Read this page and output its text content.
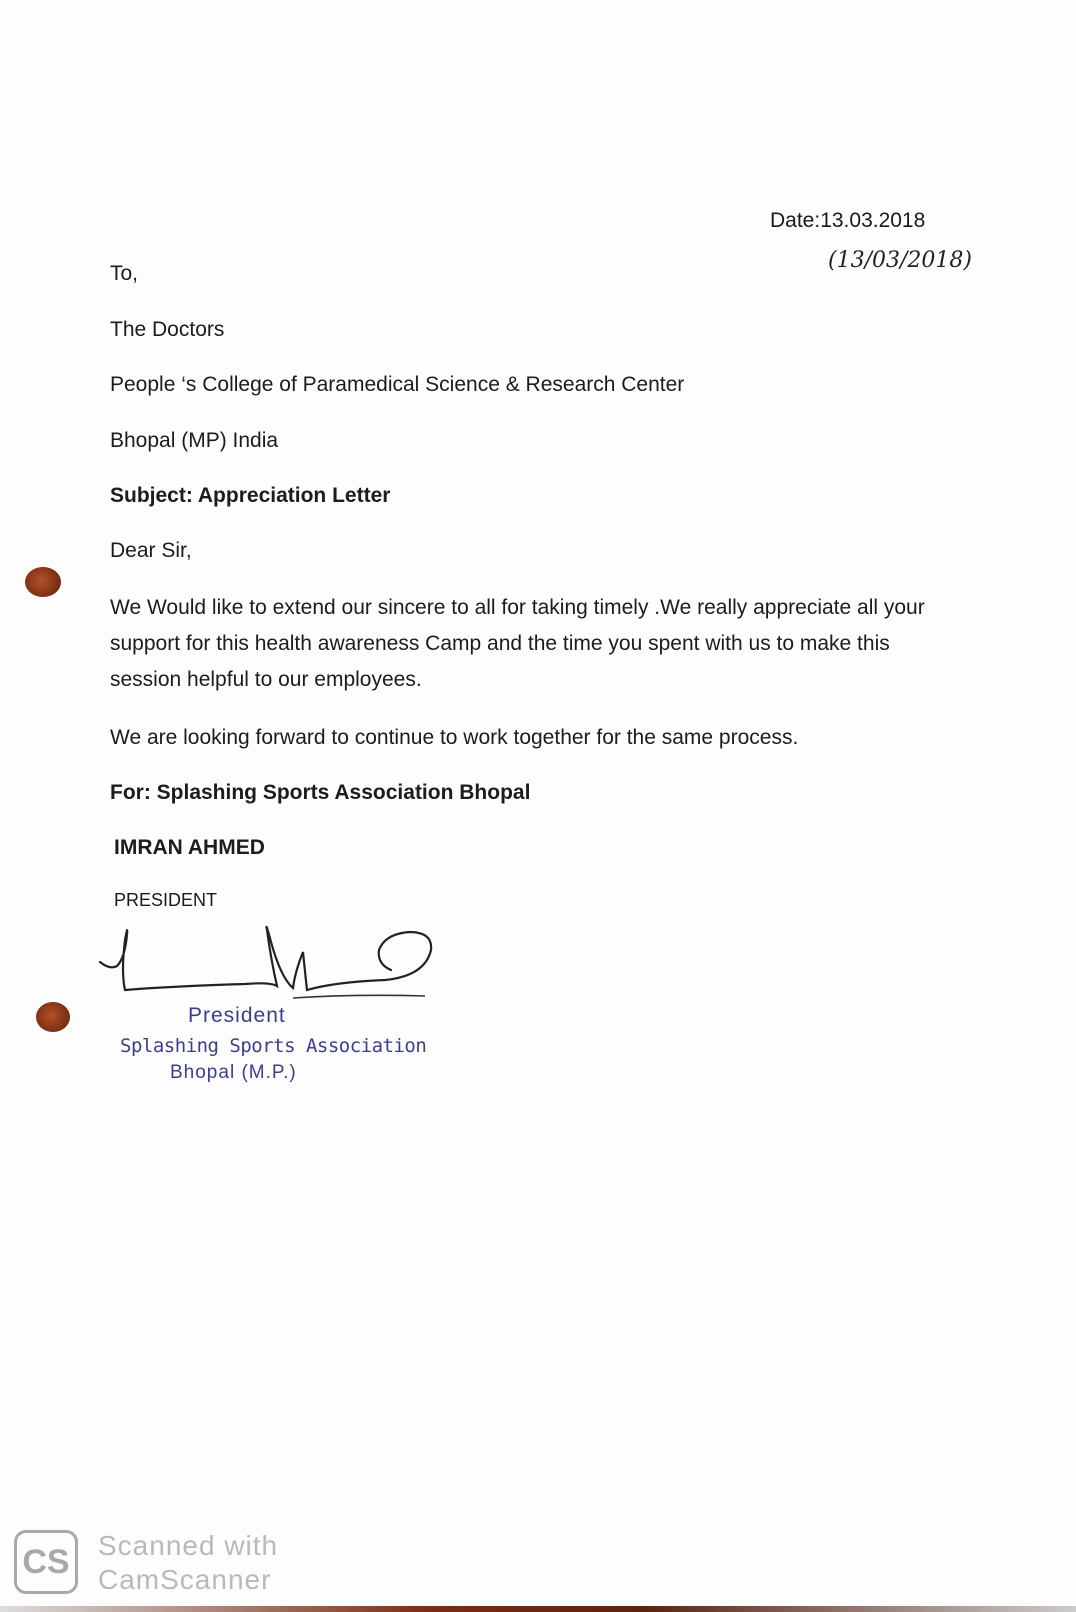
Date:13.03.2018
(13/03/2018)
To,
The Doctors
People ‘s College of Paramedical Science & Research Center
Bhopal (MP) India
Subject: Appreciation Letter
Dear Sir,
We Would like to extend our sincere to all for taking timely .We really appreciate all your support for this health awareness Camp and the time you spent with us to make this session helpful to our employees.
We are looking forward to continue to work together for the same process.
For: Splashing Sports Association Bhopal
IMRAN AHMED
PRESIDENT
President
Splashing Sports Association
Bhopal (M.P.)
CS Scanned with
CamScanner
